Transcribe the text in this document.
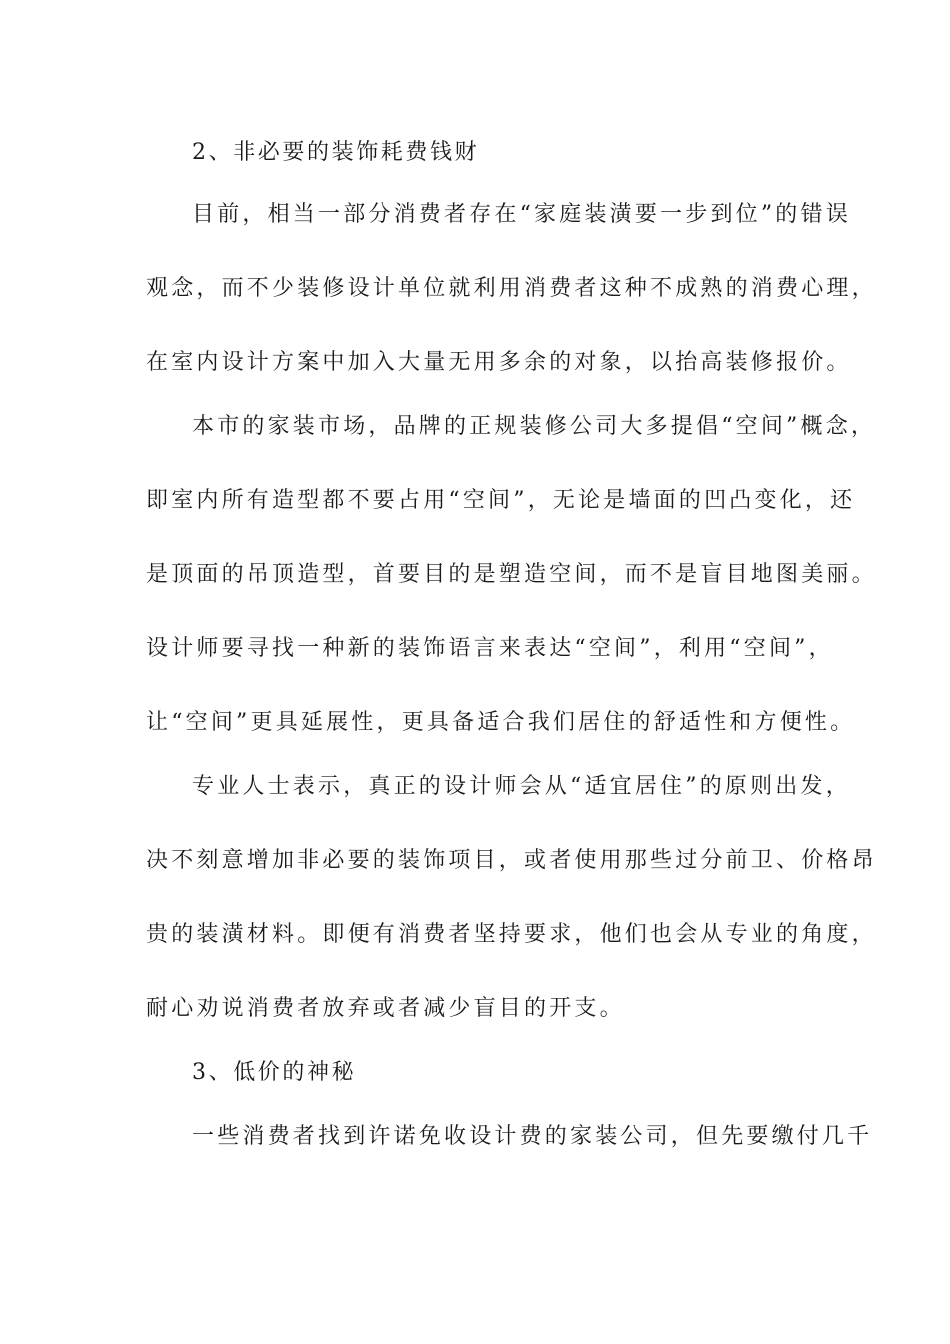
2、非必要的装饰耗费钱财
目前，相当一部分消费者存在“家庭装潢要一步到位”的错误
观念，而不少装修设计单位就利用消费者这种不成熟的消费心理，
在室内设计方案中加入大量无用多余的对象，以抬高装修报价。
本市的家装市场，品牌的正规装修公司大多提倡“空间”概念，
即室内所有造型都不要占用“空间”，无论是墙面的凹凸变化，还
是顶面的吊顶造型，首要目的是塑造空间，而不是盲目地图美丽。
设计师要寻找一种新的装饰语言来表达“空间”，利用“空间”，
让“空间”更具延展性，更具备适合我们居住的舒适性和方便性。
专业人士表示，真正的设计师会从“适宜居住”的原则出发，
决不刻意增加非必要的装饰项目，或者使用那些过分前卫、价格昂
贵的装潢材料。即便有消费者坚持要求，他们也会从专业的角度，
耐心劝说消费者放弃或者减少盲目的开支。
3、低价的神秘
一些消费者找到许诺免收设计费的家装公司，但先要缴付几千
